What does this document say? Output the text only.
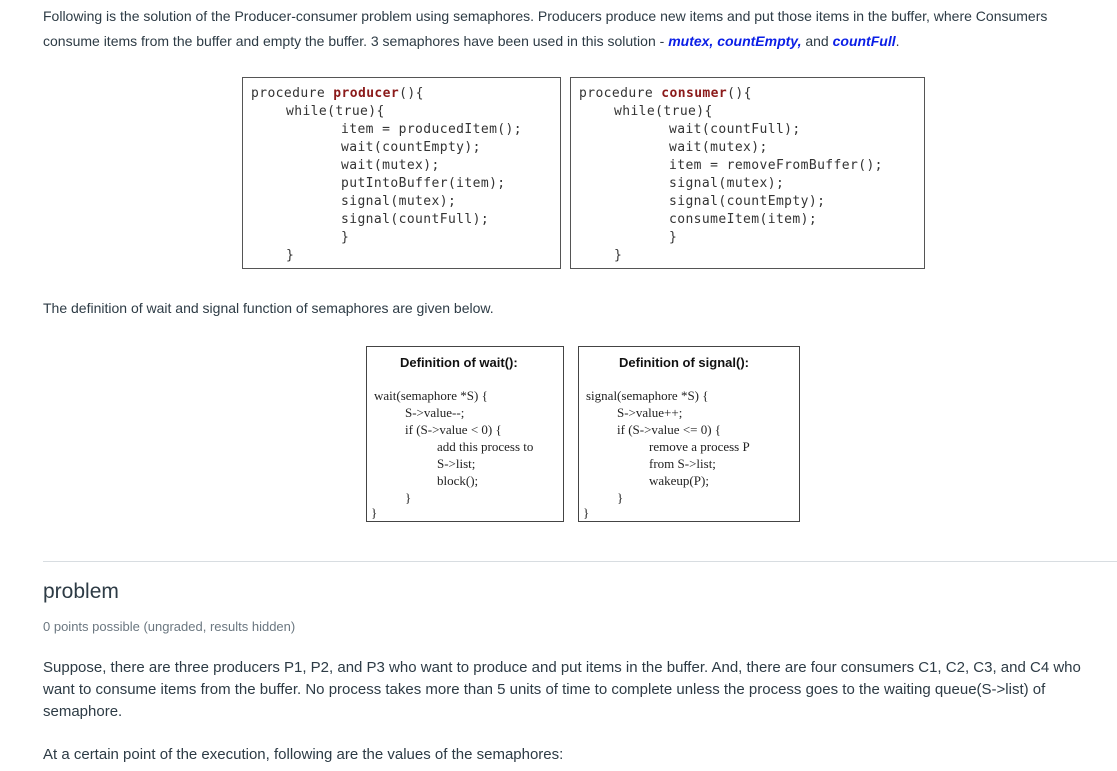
Following is the solution of the Producer-consumer problem using semaphores. Producers produce new items and put those items in the buffer, where Consumers consume items from the buffer and empty the buffer. 3 semaphores have been used in this solution - mutex, countEmpty, and countFull.
procedure producer(){
while(true){
item = producedItem();
wait(countEmpty);
wait(mutex);
putIntoBuffer(item);
signal(mutex);
signal(countFull);
}
}
procedure consumer(){
while(true){
wait(countFull);
wait(mutex);
item = removeFromBuffer();
signal(mutex);
signal(countEmpty);
consumeItem(item);
}
}
The definition of wait and signal function of semaphores are given below.
Definition of wait():
wait(semaphore *S) {
S->value--;
if (S->value < 0) {
add this process to
S->list;
block();
}
}
Definition of signal():
signal(semaphore *S) {
S->value++;
if (S->value <= 0) {
remove a process P
from S->list;
wakeup(P);
}
}
problem
0 points possible (ungraded, results hidden)
Suppose, there are three producers P1, P2, and P3 who want to produce and put items in the buffer. And, there are four consumers C1, C2, C3, and C4 who want to consume items from the buffer. No process takes more than 5 units of time to complete unless the process goes to the waiting queue(S->list) of semaphore.
At a certain point of the execution, following are the values of the semaphores:
